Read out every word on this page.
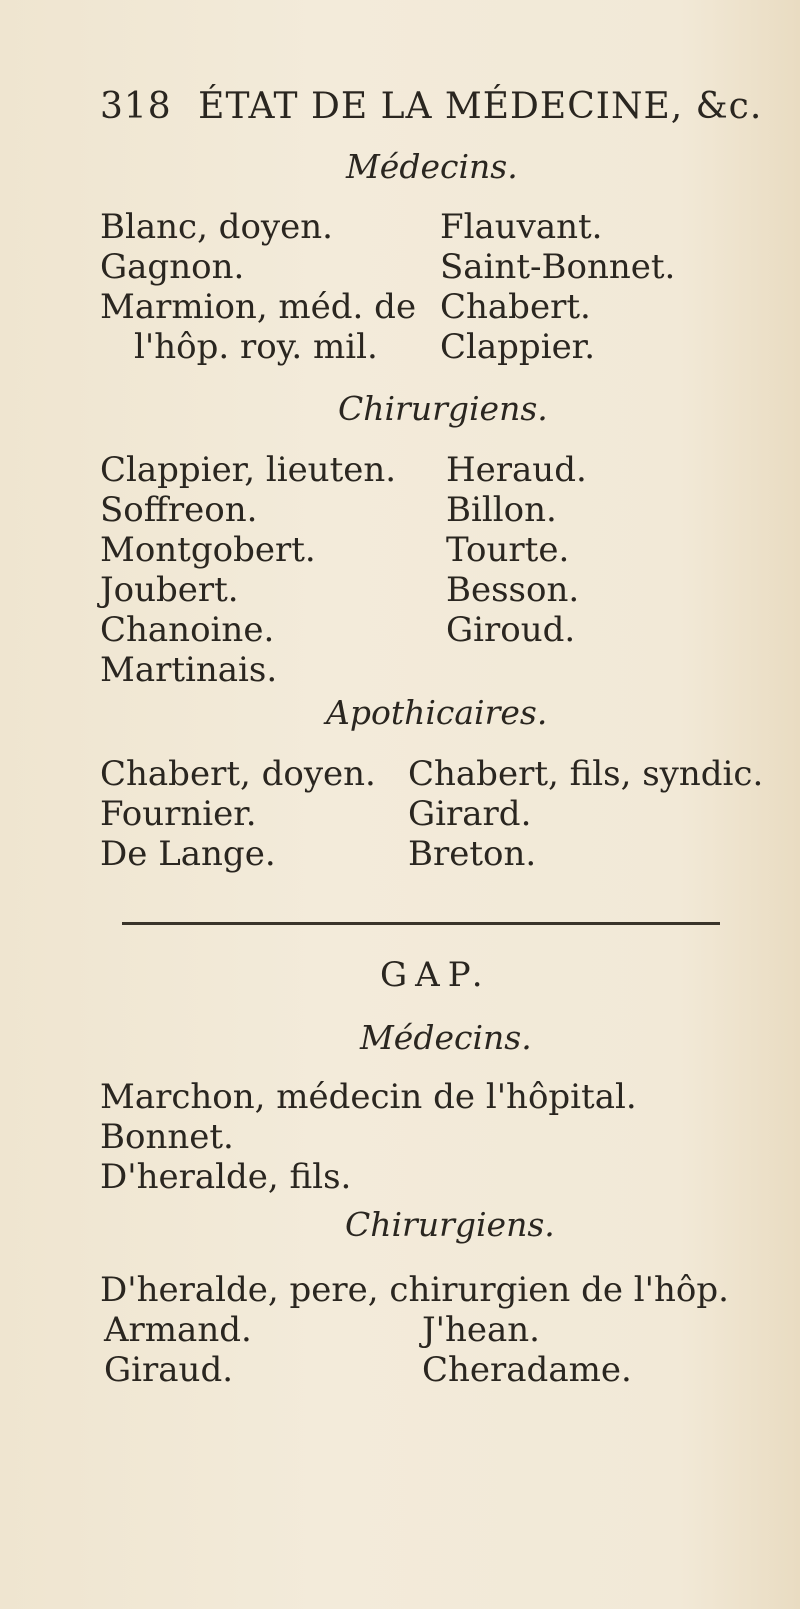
318 ÉTAT DE LA MÉDECINE, &c.
Médecins.
Blanc, doyen.
Gagnon.
Marmion, méd. de
l'hôp. roy. mil.
Flauvant.
Saint-Bonnet.
Chabert.
Clappier.
Chirurgiens.
Clappier, lieuten.
Soffreon.
Montgobert.
Joubert.
Chanoine.
Martinais.
Heraud.
Billon.
Tourte.
Besson.
Giroud.
Apothicaires.
Chabert, doyen.
Fournier.
De Lange.
Chabert, fils, syndic.
Girard.
Breton.
GAP.
Médecins.
Marchon, médecin de l'hôpital.
Bonnet.
D'heralde, fils.
Chirurgiens.
D'heralde, pere, chirurgien de l'hôp.
Armand.
Giraud.
J'hean.
Cheradame.
